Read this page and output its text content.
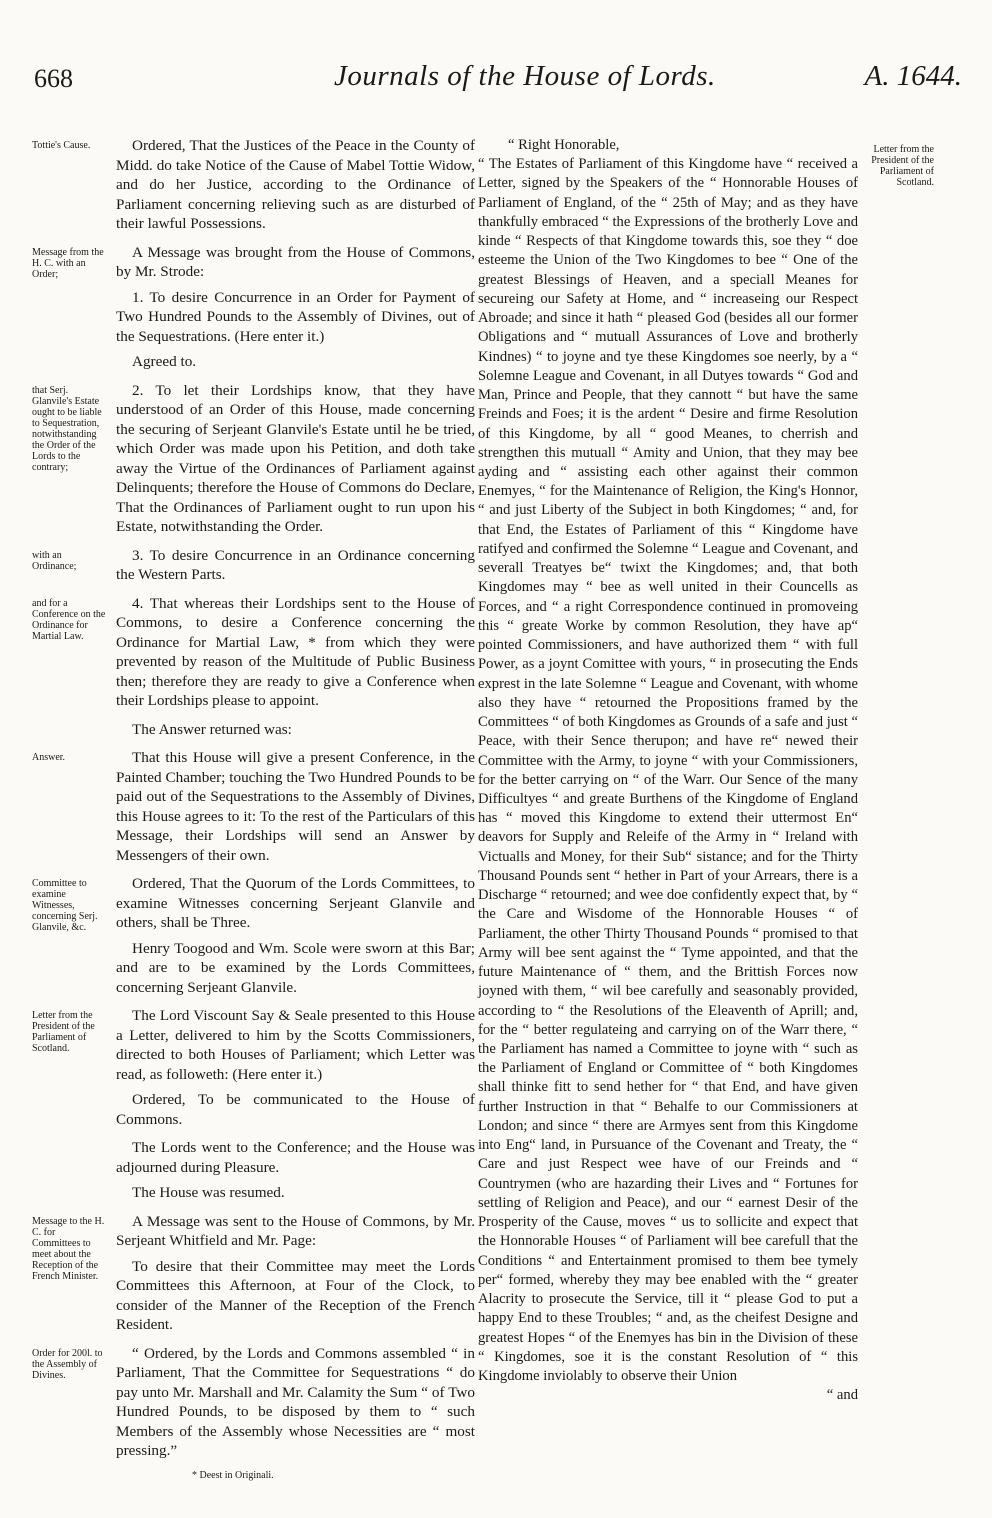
668	Journals of the House of Lords.	A. 1644.
Tottie's Cause.	Ordered, That the Justices of the Peace in the County of Midd. do take Notice of the Cause of Mabel Tottie Widow, and do her Justice, according to the Ordinance of Parliament concerning relieving such as are disturbed of their lawful Possessions.

Message from the H. C. with an Order;

A Message was brought from the House of Commons, by Mr. Strode:

1. To desire Concurrence in an Order for Payment of Two Hundred Pounds to the Assembly of Divines, out of the Sequestrations. (Here enter it.)

Agreed to.

that Serj. Glanvile's Estate ought to be liable to Sequestration, notwithstanding the Order of the Lords to the contrary;

2. To let their Lordships know, that they have understood of an Order of this House, made concerning the securing of Serjeant Glanvile's Estate until he be tried, which Order was made upon his Petition, and doth take away the Virtue of the Ordinances of Parliament against Delinquents; therefore the House of Commons do Declare, That the Ordinances of Parliament ought to run upon his Estate, notwithstanding the Order.

with an Ordinance;

3. To desire Concurrence in an Ordinance concerning the Western Parts.

and for a Conference on the Ordinance for Martial Law.

4. That whereas their Lordships sent to the House of Commons, to desire a Conference concerning the Ordinance for Martial Law, * from which they were prevented by reason of the Multitude of Public Business then; therefore they are ready to give a Conference when their Lordships please to appoint.

The Answer returned was:

Answer.	That this House will give a present Conference, in the Painted Chamber; touching the Two Hundred Pounds to be paid out of the Sequestrations to the Assembly of Divines, this House agrees to it: To the rest of the Particulars of this Message, their Lordships will send an Answer by Messengers of their own.

Committee to examine Witnesses, concerning Serj. Glanvile, &c.

Ordered, That the Quorum of the Lords Committees, to examine Witnesses concerning Serjeant Glanvile and others, shall be Three.

Henry Toogood and Wm. Scole were sworn at this Bar; and are to be examined by the Lords Committees, concerning Serjeant Glanvile.

Letter from the President of the Parliament of Scotland.

The Lord Viscount Say & Seale presented to this House a Letter, delivered to him by the Scotts Commissioners, directed to both Houses of Parliament; which Letter was read, as followeth: (Here enter it.)

Ordered, To be communicated to the House of Commons.

The Lords went to the Conference; and the House was adjourned during Pleasure.

The House was resumed.

Message to the H. C. for Committees to meet about the Reception of the French Minister.

A Message was sent to the House of Commons, by Mr. Serjeant Whitfield and Mr. Page:

To desire that their Committee may meet the Lords Committees this Afternoon, at Four of the Clock, to consider of the Manner of the Reception of the French Resident.

Order for 200l. to the Assembly of Divines.

“ Ordered, by the Lords and Commons assembled “ in Parliament, That the Committee for Sequestrations “ do pay unto Mr. Marshall and Mr. Calamity the Sum “ of Two Hundred Pounds, to be disposed by them to “ such Members of the Assembly whose Necessities are “ most pressing.”

* Deest in Originali.
Letter from the President of the Parliament of Scotland.

“ Right Honorable,

“ The Estates of Parliament of this Kingdome have “ received a Letter, signed by the Speakers of the “ Honnorable Houses of Parliament of England, of the “ 25th of May; and as they have thankfully embraced “ the Expressions of the brotherly Love and kinde “ Respects of that Kingdome towards this, soe they “ doe esteeme the Union of the Two Kingdomes to bee “ One of the greatest Blessings of Heaven, and a speciall Meanes for secureing our Safety at Home, and “ increaseing our Respect Abroade; and since it hath “ pleased God (besides all our former Obligations and “ mutuall Assurances of Love and brotherly Kindnes) “ to joyne and tye these Kingdomes soe neerly, by a “ Solemne League and Covenant, in all Dutyes towards “ God and Man, Prince and People, that they cannott “ but have the same Freinds and Foes; it is the ardent “ Desire and firme Resolution of this Kingdome, by all “ good Meanes, to cherrish and strengthen this mutuall “ Amity and Union, that they may bee ayding and “ assisting each other against their common Enemyes, “ for the Maintenance of Religion, the King's Honnor, “ and just Liberty of the Subject in both Kingdomes; “ and, for that End, the Estates of Parliament of this “ Kingdome have ratifyed and confirmed the Solemne “ League and Covenant, and severall Treatyes be“ twixt the Kingdomes; and, that both Kingdomes may “ bee as well united in their Councells as Forces, and “ a right Correspondence continued in promoveing this “ greate Worke by common Resolution, they have ap“ pointed Commissioners, and have authorized them “ with full Power, as a joynt Comittee with yours, “ in prosecuting the Ends exprest in the late Solemne “ League and Covenant, with whome also they have “ retourned the Propositions framed by the Committees “ of both Kingdomes as Grounds of a safe and just “ Peace, with their Sence therupon; and have re“ newed their Committee with the Army, to joyne “ with your Commissioners, for the better carrying on “ of the Warr. Our Sence of the many Difficultyes “ and greate Burthens of the Kingdome of England has “ moved this Kingdome to extend their uttermost En“ deavors for Supply and Releife of the Army in “ Ireland with Victualls and Money, for their Sub“ sistance; and for the Thirty Thousand Pounds sent “ hether in Part of your Arrears, there is a Discharge “ retourned; and wee doe confidently expect that, by “ the Care and Wisdome of the Honnorable Houses “ of Parliament, the other Thirty Thousand Pounds “ promised to that Army will bee sent against the “ Tyme appointed, and that the future Maintenance of “ them, and the Brittish Forces now joyned with them, “ wil bee carefully and seasonably provided, according to “ the Resolutions of the Eleaventh of Aprill; and, for the “ better regulateing and carrying on of the Warr there, “ the Parliament has named a Committee to joyne with “ such as the Parliament of England or Committee of “ both Kingdomes shall thinke fitt to send hether for “ that End, and have given further Instruction in that “ Behalfe to our Commissioners at London; and since “ there are Armyes sent from this Kingdome into Eng“ land, in Pursuance of the Covenant and Treaty, the “ Care and just Respect wee have of our Freinds and “ Countrymen (who are hazarding their Lives and “ Fortunes for settling of Religion and Peace), and our “ earnest Desir of the Prosperity of the Cause, moves “ us to sollicite and expect that the Honnorable Houses “ of Parliament will bee carefull that the Conditions “ and Entertainment promised to them bee tymely per“ formed, whereby they may bee enabled with the “ greater Alacrity to prosecute the Service, till it “ please God to put a happy End to these Troubles; “ and, as the cheifest Designe and greatest Hopes “ of the Enemyes has bin in the Division of these “ Kingdomes, soe it is the constant Resolution of “ this Kingdome inviolably to observe their Union

“ and
